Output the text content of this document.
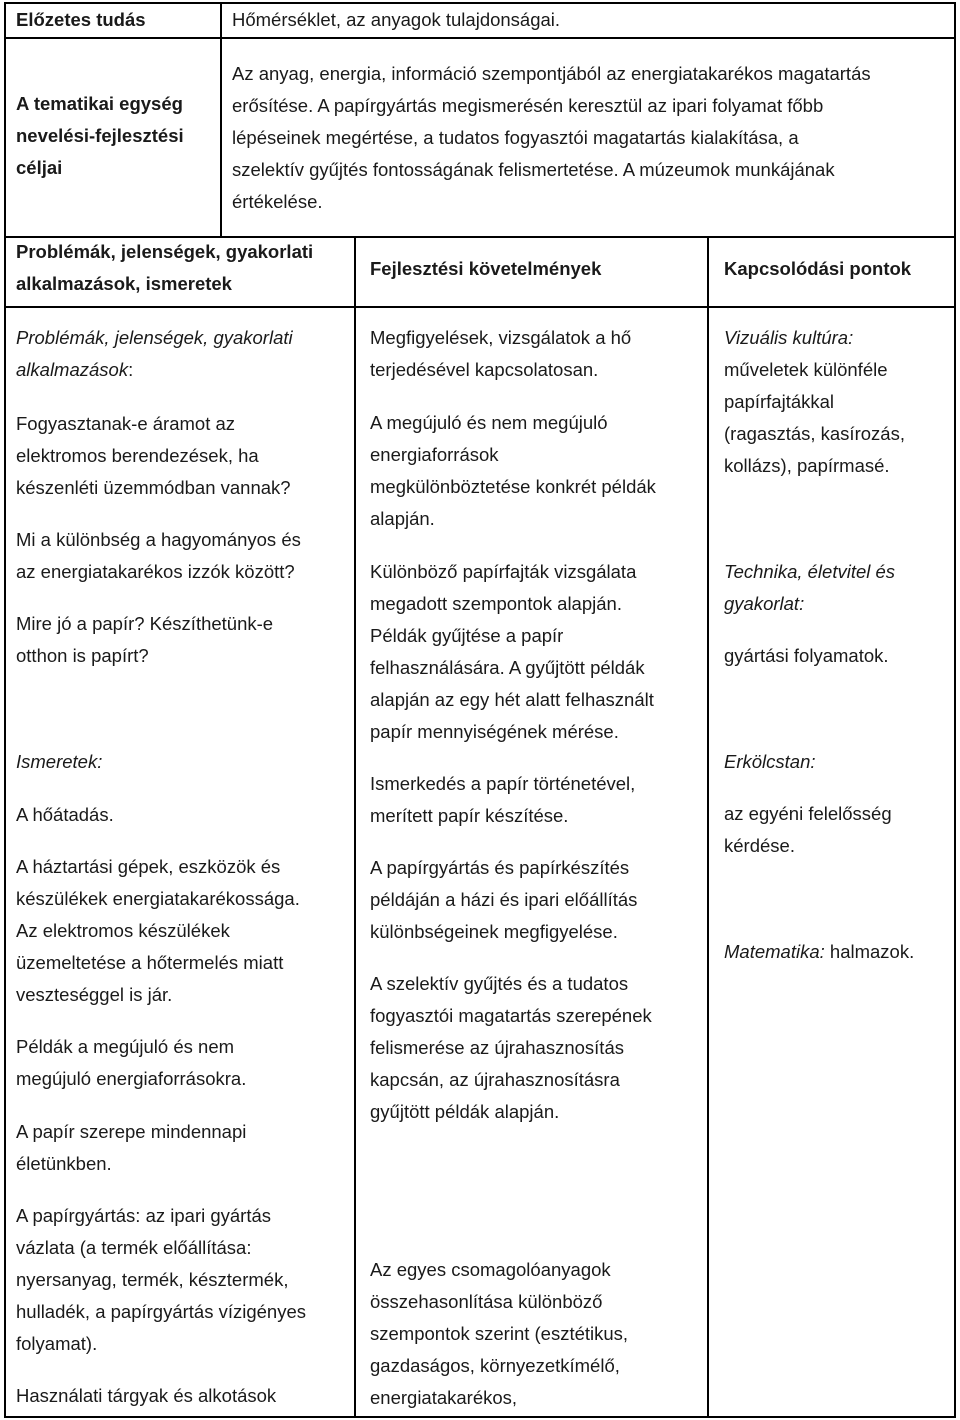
Előzetes tudás	Hőmérséklet, az anyagok tulajdonságai.

A tematikai egység

nevelési-fejlesztési

céljai

Az anyag, energia, információ szempontjából az energiatakarékos magatartás

erősítése. A papírgyártás megismerésén keresztül az ipari folyamat főbb

lépéseinek megértése, a tudatos fogyasztói magatartás kialakítása, a

szelektív gyűjtés fontosságának felismertetése. A múzeumok munkájának

értékelése.

Problémák, jelenségek, gyakorlati

alkalmazások, ismeretek

Fejlesztési követelmények	Kapcsolódási pontok

Problémák, jelenségek, gyakorlati

alkalmazások:

Fogyasztanak-e áramot az

elektromos berendezések, ha

készenléti üzemmódban vannak?

Mi a különbség a hagyományos és

az energiatakarékos izzók között?

Mire jó a papír? Készíthetünk-e

otthon is papírt?

Ismeretek:

A hőátadás.

A háztartási gépek, eszközök és

készülékek energiatakarékossága.

Az elektromos készülékek

üzemeltetése a hőtermelés miatt

veszteséggel is jár.

Példák a megújuló és nem

megújuló energiaforrásokra.

A papír szerepe mindennapi

életünkben.

A papírgyártás: az ipari gyártás

vázlata (a termék előállítása:

nyersanyag, termék, késztermék,

hulladék, a papírgyártás vízigényes

folyamat).

Használati tárgyak és alkotások

Megfigyelések, vizsgálatok a hő

terjedésével kapcsolatosan.

A megújuló és nem megújuló

energiaforrások

megkülönböztetése konkrét példák

alapján.

Különböző papírfajták vizsgálata

megadott szempontok alapján.

Példák gyűjtése a papír

felhasználására. A gyűjtött példák

alapján az egy hét alatt felhasznált

papír mennyiségének mérése.

Ismerkedés a papír történetével,

merített papír készítése.

A papírgyártás és papírkészítés

példáján a házi és ipari előállítás

különbségeinek megfigyelése.

A szelektív gyűjtés és a tudatos

fogyasztói magatartás szerepének

felismerése az újrahasznosítás

kapcsán, az újrahasznosításra

gyűjtött példák alapján.

Az egyes csomagolóanyagok

összehasonlítása különböző

szempontok szerint (esztétikus,

gazdaságos, környezetkímélő,

energiatakarékos,

Vizuális kultúra:

műveletek különféle

papírfajtákkal

(ragasztás, kasírozás,

kollázs), papírmasé.

Technika, életvitel és

gyakorlat:

gyártási folyamatok.

Erkölcstan:

az egyéni felelősség

kérdése.

Matematika: halmazok.
